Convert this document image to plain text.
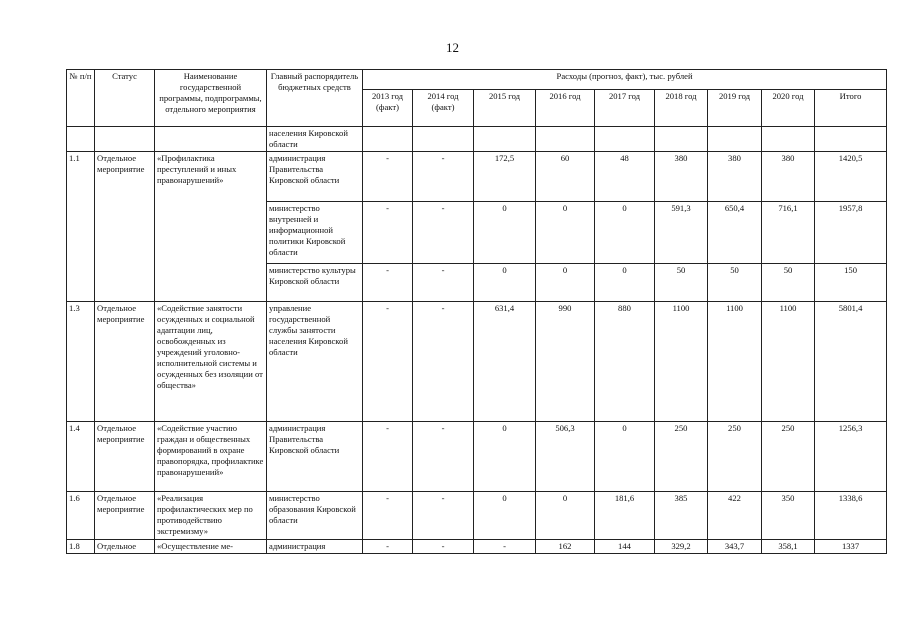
12
№ п/п	Статус	Наименование государственной программы, подпрограммы, отдельного мероприятия	Главный распорядитель бюджетных средств	Расходы (прогноз, факт), тыс. рублей								
				2013 год (факт)	2014 год (факт)	2015 год	2016 год	2017 год	2018 год	2019 год	2020 год	Итого
			населения Кировской области									
1.1	Отдельное мероприятие	«Профилактика преступлений и иных правонарушений»	администрация Правительства Кировской области	-	-	172,5	60	48	380	380	380	1420,5
			министерство внутренней и информационной политики Кировской области	-	-	0	0	0	591,3	650,4	716,1	1957,8
			министерство культуры Кировской области	-	-	0	0	0	50	50	50	150
1.3	Отдельное мероприятие	«Содействие занятости осужденных и социальной адаптации лиц, освобожденных из учреждений уголовно-исполнительной системы и осужденных без изоляции от общества»	управление государственной службы занятости населения Кировской области	-	-	631,4	990	880	1100	1100	1100	5801,4
1.4	Отдельное мероприятие	«Содействие участию граждан и общественных формирований в охране правопорядка, профилактике правонарушений»	администрация Правительства Кировской области	-	-	0	506,3	0	250	250	250	1256,3
1.6	Отдельное мероприятие	«Реализация профилактических мер по противодействию экстремизму»	министерство образования Кировской области	-	-	0	0	181,6	385	422	350	1338,6
1.8	Отдельное	«Осуществление ме-	администрация	-	-	-	162	144	329,2	343,7	358,1	1337
